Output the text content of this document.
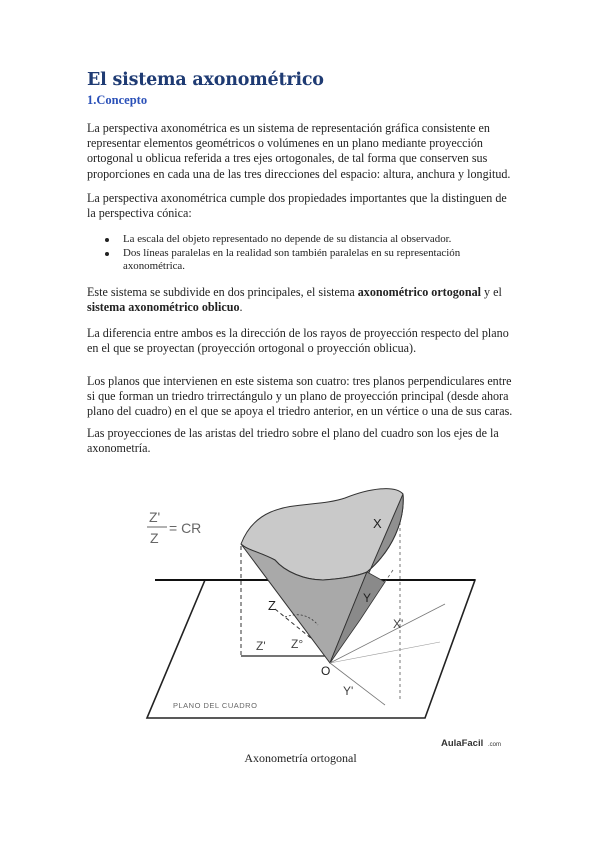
El sistema axonométrico
1.Concepto

La perspectiva axonométrica es un sistema de representación gráfica consistente en representar elementos geométricos o volúmenes en un plano mediante proyección ortogonal u oblicua referida a tres ejes ortogonales, de tal forma que conserven sus proporciones en cada una de las tres direcciones del espacio: altura, anchura y longitud.

La perspectiva axonométrica cumple dos propiedades importantes que la distinguen de la perspectiva cónica:

La escala del objeto representado no depende de su distancia al observador.
Dos líneas paralelas en la realidad son también paralelas en su representación axonométrica.

Este sistema se subdivide en dos principales, el sistema axonométrico ortogonal y el sistema axonométrico oblicuo.

La diferencia entre ambos es la dirección de los rayos de proyección respecto del plano en el que se proyectan (proyección ortogonal o proyección oblicua).

Los planos que intervienen en este sistema son cuatro: tres planos perpendiculares entre si que forman un triedro trirrectángulo y un plano de proyección principal (desde ahora plano del cuadro) en el que se apoya el triedro anterior, en un vértice o una de sus caras.

Las proyecciones de las aristas del triedro sobre el plano del cuadro son los ejes de la axonometría.

Z'
Z
= CR	X
Y
Z
X'
Y'
Z' Z°
O
PLANO DEL CUADRO
AulaFacil .com

Axonometría ortogonal
